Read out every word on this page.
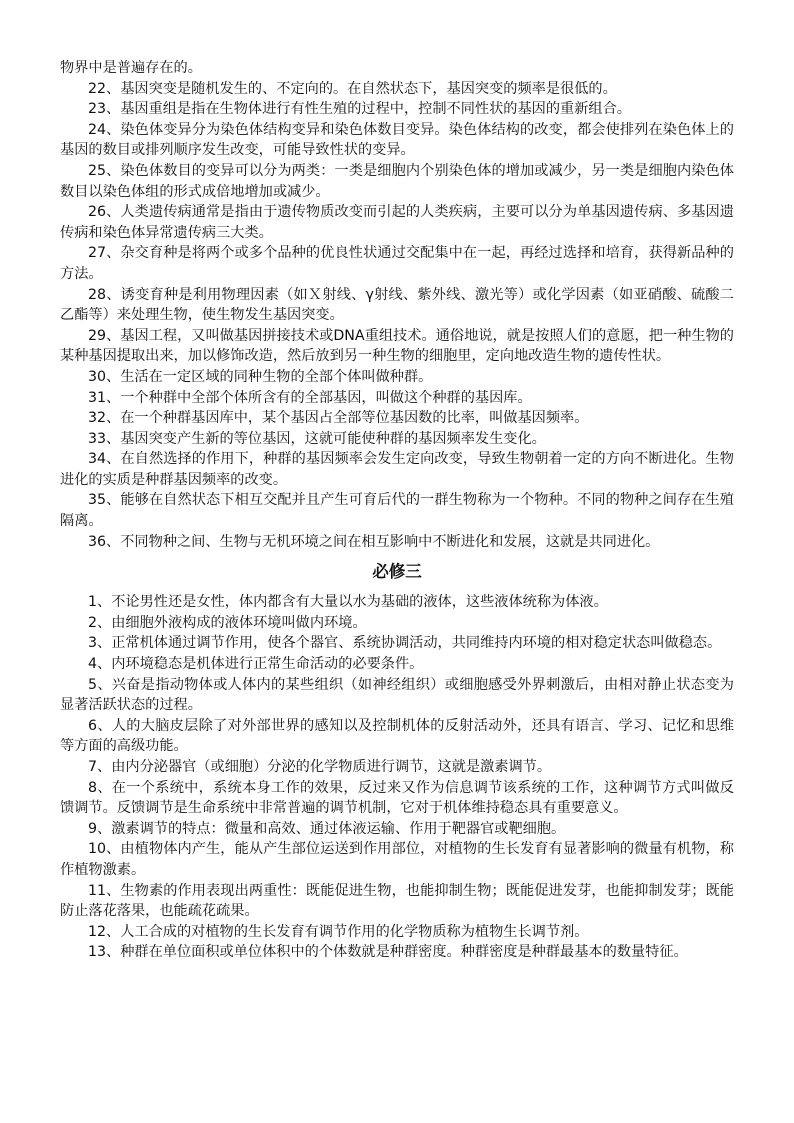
物界中是普遍存在的。

22、基因突变是随机发生的、不定向的。在自然状态下，基因突变的频率是很低的。

23、基因重组是指在生物体进行有性生殖的过程中，控制不同性状的基因的重新组合。

24、染色体变异分为染色体结构变异和染色体数目变异。染色体结构的改变，都会使排列在染色体上的基因的数目或排列顺序发生改变，可能导致性状的变异。

25、染色体数目的变异可以分为两类：一类是细胞内个别染色体的增加或减少，另一类是细胞内染色体数目以染色体组的形式成倍地增加或减少。

26、人类遗传病通常是指由于遗传物质改变而引起的人类疾病，主要可以分为单基因遗传病、多基因遗传病和染色体异常遗传病三大类。

27、杂交育种是将两个或多个品种的优良性状通过交配集中在一起，再经过选择和培育，获得新品种的方法。

28、诱变育种是利用物理因素（如Ｘ射线、γ射线、紫外线、激光等）或化学因素（如亚硝酸、硫酸二乙酯等）来处理生物，使生物发生基因突变。

29、基因工程，又叫做基因拼接技术或DNA重组技术。通俗地说，就是按照人们的意愿，把一种生物的某种基因提取出来，加以修饰改造，然后放到另一种生物的细胞里，定向地改造生物的遗传性状。

30、生活在一定区域的同种生物的全部个体叫做种群。

31、一个种群中全部个体所含有的全部基因，叫做这个种群的基因库。

32、在一个种群基因库中，某个基因占全部等位基因数的比率，叫做基因频率。

33、基因突变产生新的等位基因，这就可能使种群的基因频率发生变化。

34、在自然选择的作用下，种群的基因频率会发生定向改变，导致生物朝着一定的方向不断进化。生物进化的实质是种群基因频率的改变。

35、能够在自然状态下相互交配并且产生可育后代的一群生物称为一个物种。不同的物种之间存在生殖隔离。

36、不同物种之间、生物与无机环境之间在相互影响中不断进化和发展，这就是共同进化。

必修三

1、不论男性还是女性，体内都含有大量以水为基础的液体，这些液体统称为体液。

2、由细胞外液构成的液体环境叫做内环境。

3、正常机体通过调节作用，使各个器官、系统协调活动，共同维持内环境的相对稳定状态叫做稳态。

4、内环境稳态是机体进行正常生命活动的必要条件。

5、兴奋是指动物体或人体内的某些组织（如神经组织）或细胞感受外界刺激后，由相对静止状态变为显著活跃状态的过程。

6、人的大脑皮层除了对外部世界的感知以及控制机体的反射活动外，还具有语言、学习、记忆和思维等方面的高级功能。

7、由内分泌器官（或细胞）分泌的化学物质进行调节，这就是激素调节。

8、在一个系统中，系统本身工作的效果，反过来又作为信息调节该系统的工作，这种调节方式叫做反馈调节。反馈调节是生命系统中非常普遍的调节机制，它对于机体维持稳态具有重要意义。

9、激素调节的特点：微量和高效、通过体液运输、作用于靶器官或靶细胞。

10、由植物体内产生，能从产生部位运送到作用部位，对植物的生长发育有显著影响的微量有机物，称作植物激素。

11、生物素的作用表现出两重性：既能促进生物，也能抑制生物；既能促进发芽，也能抑制发芽；既能防止落花落果，也能疏花疏果。

12、人工合成的对植物的生长发育有调节作用的化学物质称为植物生长调节剂。

13、种群在单位面积或单位体积中的个体数就是种群密度。种群密度是种群最基本的数量特征。
